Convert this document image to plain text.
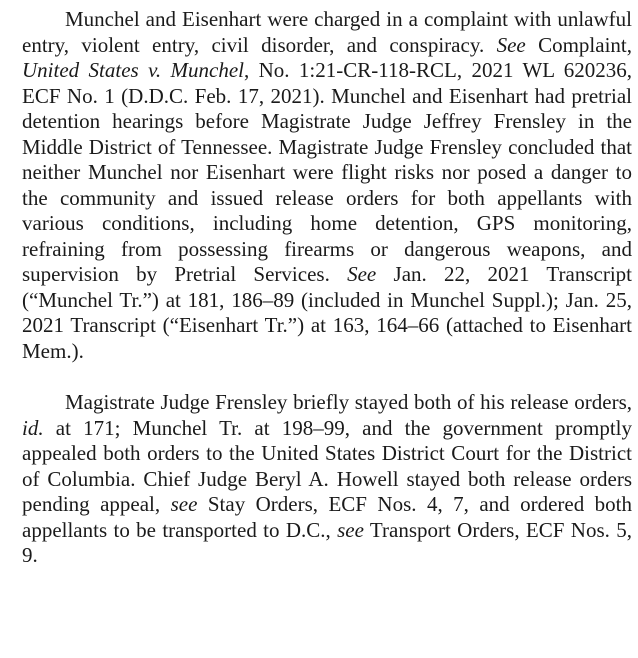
Munchel and Eisenhart were charged in a complaint with unlawful entry, violent entry, civil disorder, and conspiracy. See Complaint, United States v. Munchel, No. 1:21-CR-118-RCL, 2021 WL 620236, ECF No. 1 (D.D.C. Feb. 17, 2021). Munchel and Eisenhart had pretrial detention hearings before Magistrate Judge Jeffrey Frensley in the Middle District of Tennessee. Magistrate Judge Frensley concluded that neither Munchel nor Eisenhart were flight risks nor posed a danger to the community and issued release orders for both appellants with various conditions, including home detention, GPS monitoring, refraining from possessing firearms or dangerous weapons, and supervision by Pretrial Services. See Jan. 22, 2021 Transcript (“Munchel Tr.”) at 181, 186–89 (included in Munchel Suppl.); Jan. 25, 2021 Transcript (“Eisenhart Tr.”) at 163, 164–66 (attached to Eisenhart Mem.).

Magistrate Judge Frensley briefly stayed both of his release orders, id. at 171; Munchel Tr. at 198–99, and the government promptly appealed both orders to the United States District Court for the District of Columbia. Chief Judge Beryl A. Howell stayed both release orders pending appeal, see Stay Orders, ECF Nos. 4, 7, and ordered both appellants to be transported to D.C., see Transport Orders, ECF Nos. 5, 9.
